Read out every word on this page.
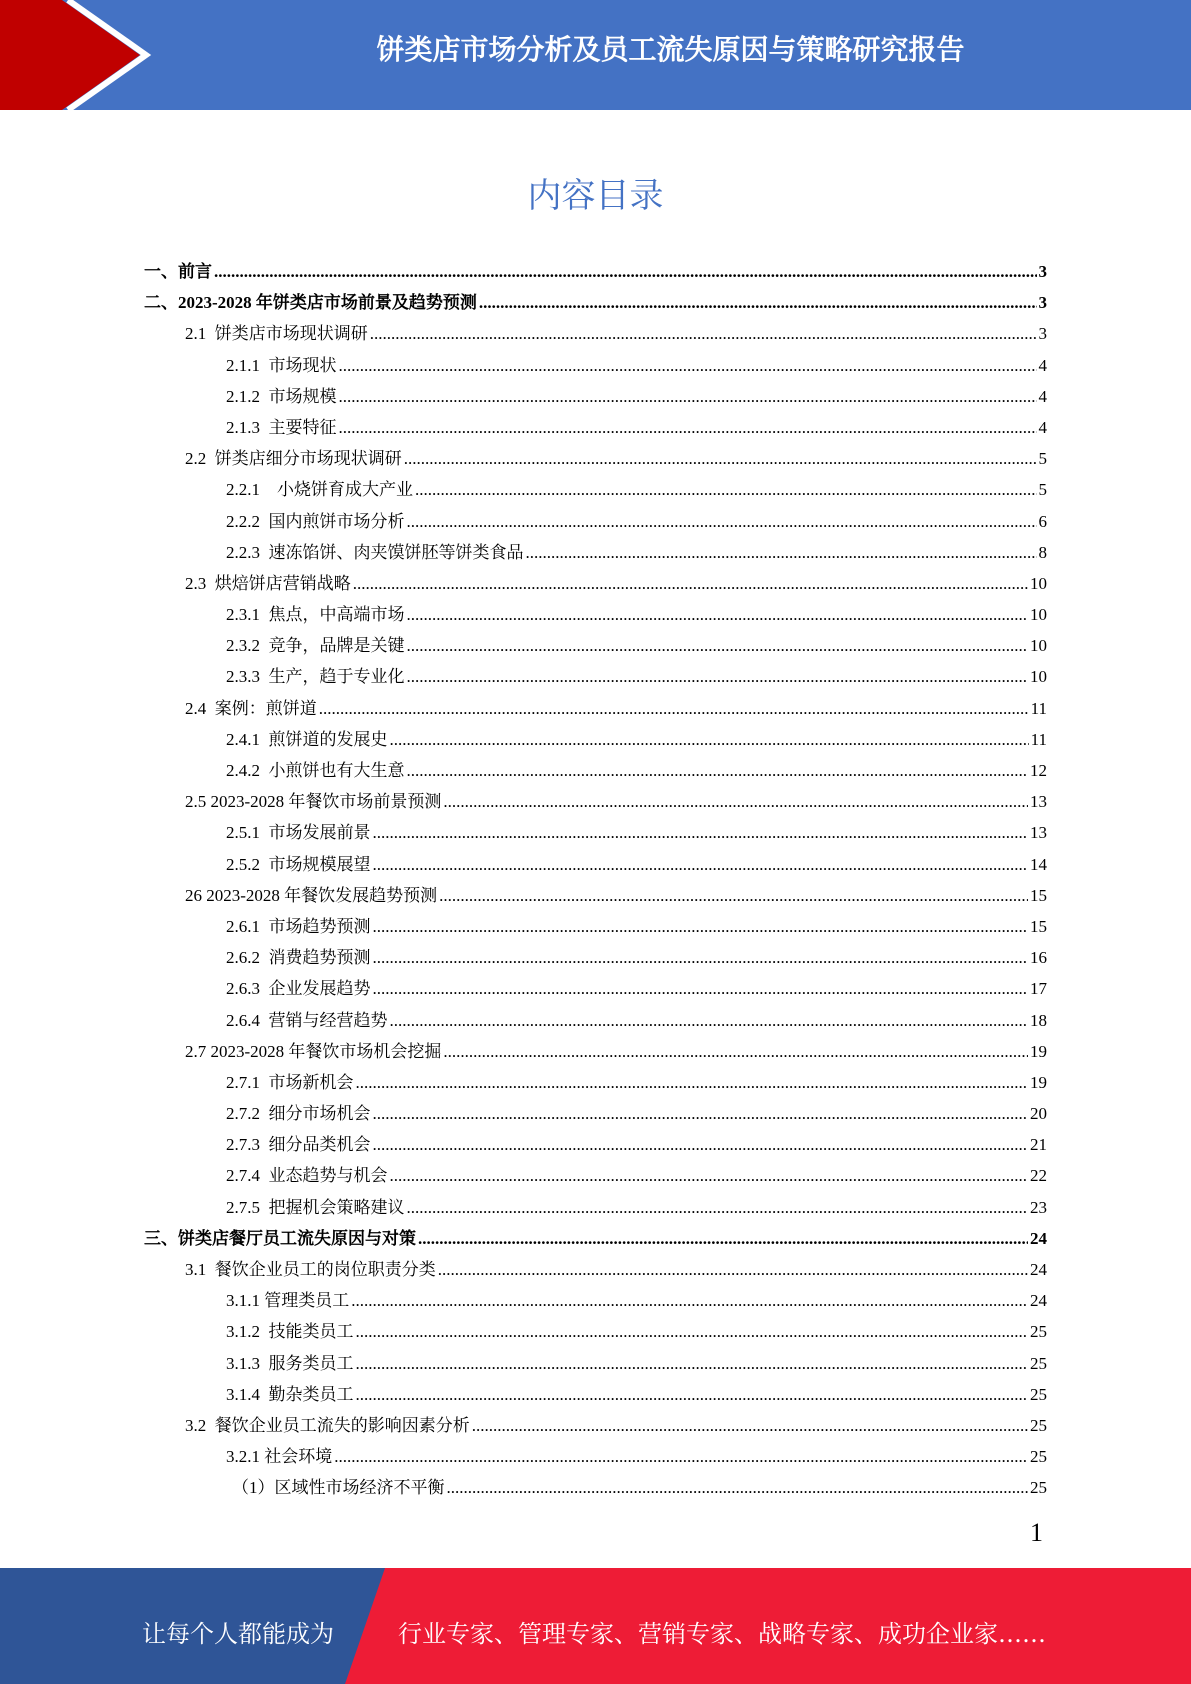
饼类店市场分析及员工流失原因与策略研究报告
内容目录
一、前言 .....	3
二、2023-2028 年饼类店市场前景及趋势预测 .....	3
2.1  饼类店市场现状调研 .....	3
2.1.1  市场现状 .....	4
2.1.2  市场规模 .....	4
2.1.3  主要特征 .....	4
2.2  饼类店细分市场现状调研 .....	5
2.2.1    小烧饼育成大产业 .....	5
2.2.2  国内煎饼市场分析 .....	6
2.2.3  速冻馅饼、肉夹馍饼胚等饼类食品 .....	8
2.3  烘焙饼店营销战略 .....	10
2.3.1  焦点，中高端市场 .....	10
2.3.2  竞争，品牌是关键 .....	10
2.3.3  生产，趋于专业化 .....	10
2.4  案例：煎饼道 .....	11
2.4.1  煎饼道的发展史 .....	11
2.4.2  小煎饼也有大生意 .....	12
2.5 2023-2028 年餐饮市场前景预测 .....	13
2.5.1  市场发展前景 .....	13
2.5.2  市场规模展望 .....	14
26 2023-2028 年餐饮发展趋势预测 .....	15
2.6.1  市场趋势预测 .....	15
2.6.2  消费趋势预测 .....	16
2.6.3  企业发展趋势 .....	17
2.6.4  营销与经营趋势 .....	18
2.7 2023-2028 年餐饮市场机会挖掘 .....	19
2.7.1  市场新机会 .....	19
2.7.2  细分市场机会 .....	20
2.7.3  细分品类机会 .....	21
2.7.4  业态趋势与机会 .....	22
2.7.5  把握机会策略建议 .....	23
三、饼类店餐厅员工流失原因与对策 .....	24
3.1  餐饮企业员工的岗位职责分类 .....	24
3.1.1 管理类员工 .....	24
3.1.2  技能类员工 .....	25
3.1.3  服务类员工 .....	25
3.1.4  勤杂类员工 .....	25
3.2  餐饮企业员工流失的影响因素分析 .....	25
3.2.1 社会环境 .....	25
（1）区域性市场经济不平衡 .....	25
1
让每个人都能成为	行业专家、管理专家、营销专家、战略专家、成功企业家……
